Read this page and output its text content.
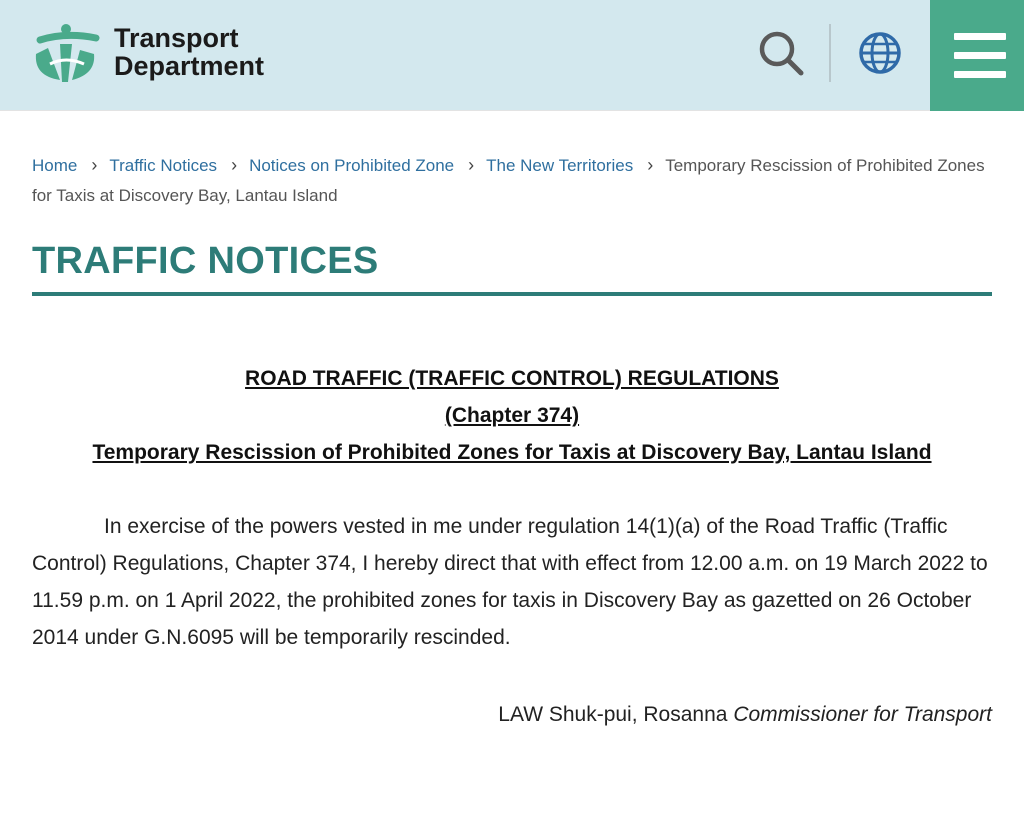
Transport
Department
Home › Traffic Notices › Notices on Prohibited Zone › The New Territories › Temporary Rescission of Prohibited Zones for Taxis at Discovery Bay, Lantau Island
TRAFFIC NOTICES
ROAD TRAFFIC (TRAFFIC CONTROL) REGULATIONS
(Chapter 374)
Temporary Rescission of Prohibited Zones for Taxis at Discovery Bay, Lantau Island

In exercise of the powers vested in me under regulation 14(1)(a) of the Road Traffic (Traffic Control) Regulations, Chapter 374, I hereby direct that with effect from 12.00 a.m. on 19 March 2022 to 11.59 p.m. on 1 April 2022, the prohibited zones for taxis in Discovery Bay as gazetted on 26 October 2014 under G.N.6095 will be temporarily rescinded.

LAW Shuk-pui, Rosanna Commissioner for Transport
